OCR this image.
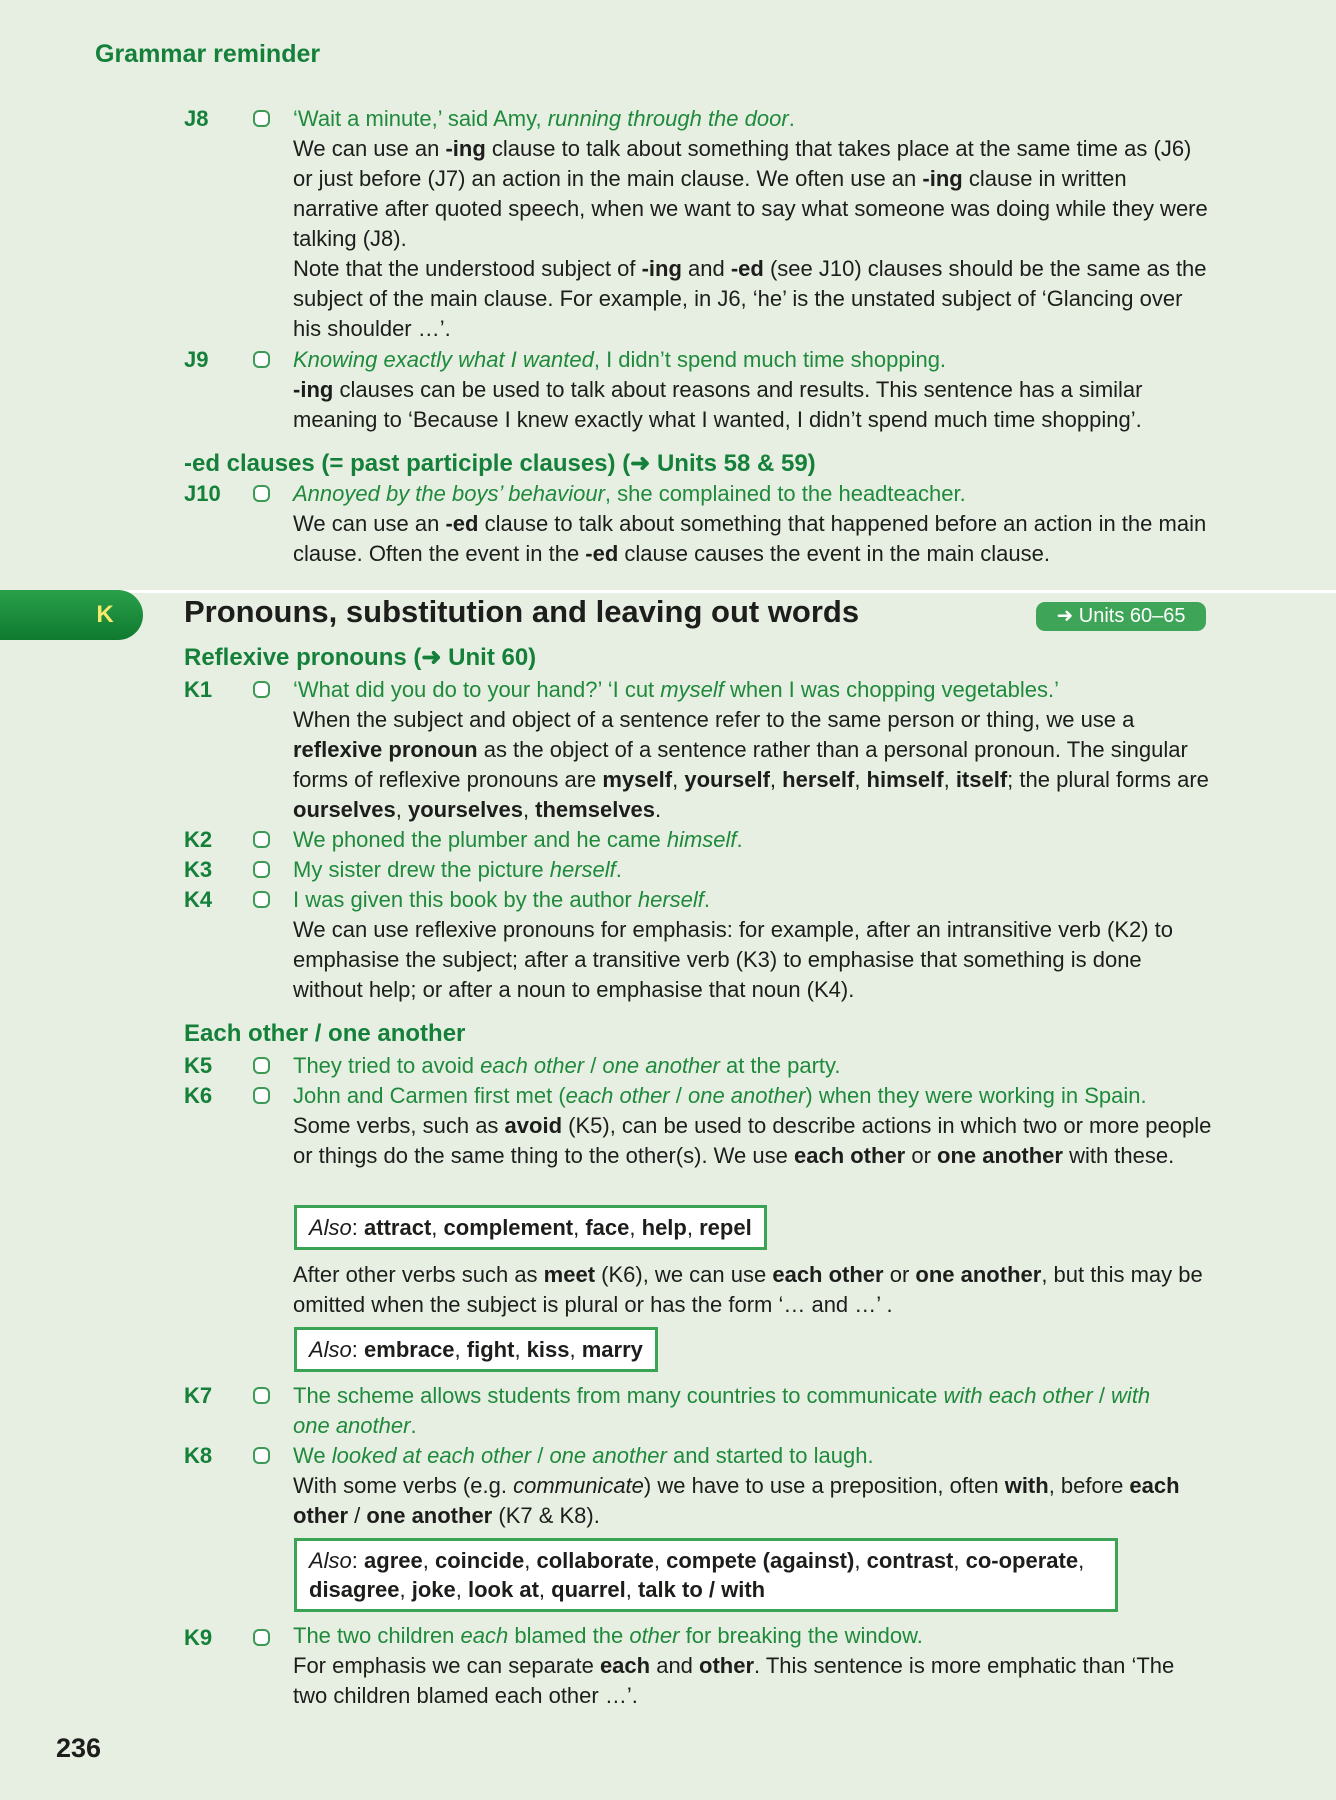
Grammar reminder
J8	‘Wait a minute,’ said Amy, running through the door.

We can use an -ing clause to talk about something that takes place at the same time as (J6) or just before (J7) an action in the main clause. We often use an -ing clause in written narrative after quoted speech, when we want to say what someone was doing while they were talking (J8).

Note that the understood subject of -ing and -ed (see J10) clauses should be the same as the subject of the main clause. For example, in J6, ‘he’ is the unstated subject of ‘Glancing over his shoulder …’.

J9	Knowing exactly what I wanted, I didn’t spend much time shopping.

-ing clauses can be used to talk about reasons and results. This sentence has a similar meaning to ‘Because I knew exactly what I wanted, I didn’t spend much time shopping’.

-ed clauses (= past participle clauses) (➜ Units 58 & 59)
J10	Annoyed by the boys’ behaviour, she complained to the headteacher.

We can use an -ed clause to talk about something that happened before an action in the main clause. Often the event in the -ed clause causes the event in the main clause.

K	Pronouns, substitution and leaving out words	➜ Units 60–65
Reflexive pronouns (➜ Unit 60)
K1	‘What did you do to your hand?’ ‘I cut myself when I was chopping vegetables.’

When the subject and object of a sentence refer to the same person or thing, we use a reflexive pronoun as the object of a sentence rather than a personal pronoun. The singular forms of reflexive pronouns are myself, yourself, herself, himself, itself; the plural forms are ourselves, yourselves, themselves.

K2	We phoned the plumber and he came himself.
K3	My sister drew the picture herself.
K4	I was given this book by the author herself.

We can use reflexive pronouns for emphasis: for example, after an intransitive verb (K2) to emphasise the subject; after a transitive verb (K3) to emphasise that something is done without help; or after a noun to emphasise that noun (K4).

Each other / one another
K5	They tried to avoid each other / one another at the party.
K6	John and Carmen first met (each other / one another) when they were working in Spain.

Some verbs, such as avoid (K5), can be used to describe actions in which two or more people or things do the same thing to the other(s). We use each other or one another with these.

Also: attract, complement, face, help, repel

After other verbs such as meet (K6), we can use each other or one another, but this may be omitted when the subject is plural or has the form ‘… and …’ .

Also: embrace, fight, kiss, marry
K7	The scheme allows students from many countries to communicate with each other / with
one another.
K8	We looked at each other / one another and started to laugh.

With some verbs (e.g. communicate) we have to use a preposition, often with, before each other / one another (K7 & K8).

Also: agree, coincide, collaborate, compete (against), contrast, co-operate, disagree, joke, look at, quarrel, talk to / with
K9	The two children each blamed the other for breaking the window.

For emphasis we can separate each and other. This sentence is more emphatic than ‘The two children blamed each other …’.

236
